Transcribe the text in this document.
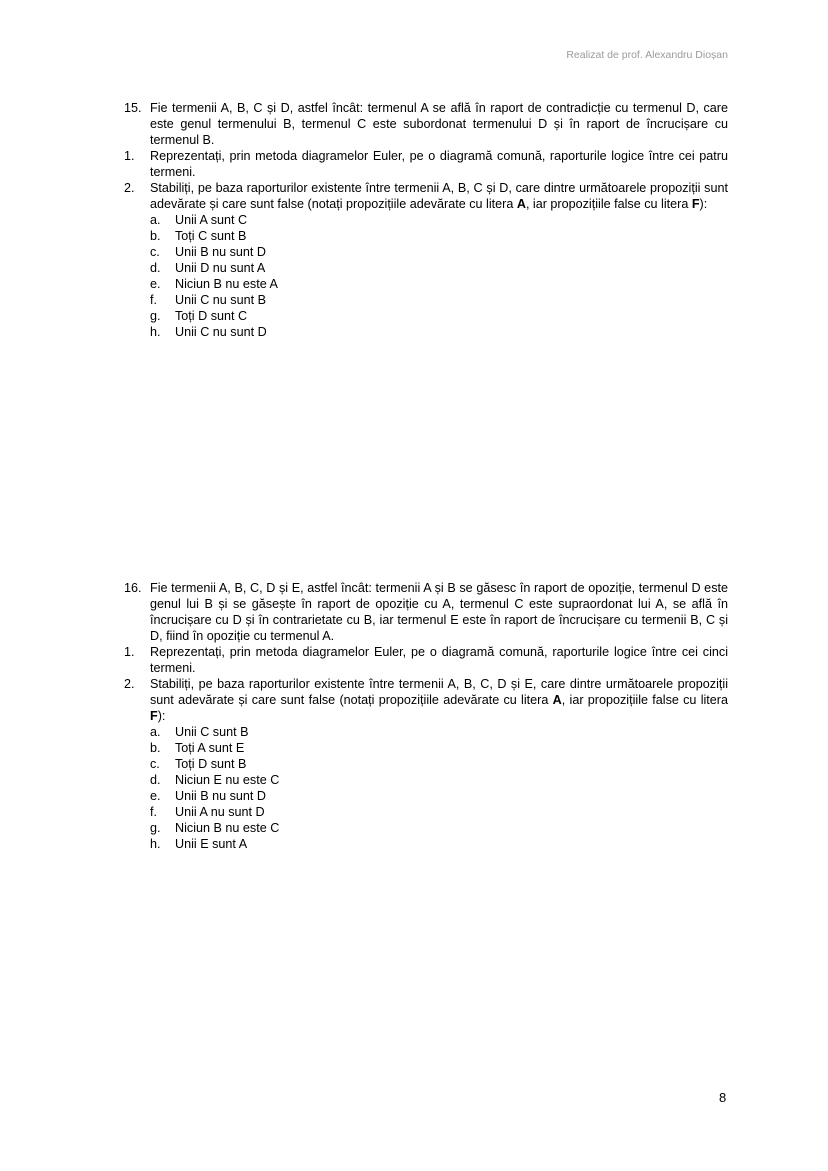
Realizat de prof. Alexandru Dioșan
15. Fie termenii A, B, C și D, astfel încât: termenul A se află în raport de contradicție cu termenul D, care este genul termenului B, termenul C este subordonat termenului D și în raport de încrucișare cu termenul B.
1.	Reprezentați, prin metoda diagramelor Euler, pe o diagramă comună, raporturile logice între cei patru termeni.
2.	Stabiliți, pe baza raporturilor existente între termenii A, B, C și D, care dintre următoarele propoziții sunt adevărate și care sunt false (notați propozițiile adevărate cu litera A, iar propozițiile false cu litera F):
a.	Unii A sunt C
b.	Toți C sunt B
c.	Unii B nu sunt D
d.	Unii D nu sunt A
e.	Niciun B nu este A
f.	Unii C nu sunt B
g.	Toți D sunt C
h.	Unii C nu sunt D
16. Fie termenii A, B, C, D și E, astfel încât: termenii A și B se găsesc în raport de opoziție, termenul D este genul lui B și se găsește în raport de opoziție cu A, termenul C este supraordonat lui A, se află în încrucișare cu D și în contrarietate cu B, iar termenul E este în raport de încrucișare cu termenii B, C și D, fiind în opoziție cu termenul A.
1.	Reprezentați, prin metoda diagramelor Euler, pe o diagramă comună, raporturile logice între cei cinci termeni.
2.	Stabiliți, pe baza raporturilor existente între termenii A, B, C, D și E, care dintre următoarele propoziții sunt adevărate și care sunt false (notați propozițiile adevărate cu litera A, iar propozițiile false cu litera F):
a.	Unii C sunt B
b.	Toți A sunt E
c.	Toți D sunt B
d.	Niciun E nu este C
e.	Unii B nu sunt D
f.	Unii A nu sunt D
g.	Niciun B nu este C
h.	Unii E sunt A
8
